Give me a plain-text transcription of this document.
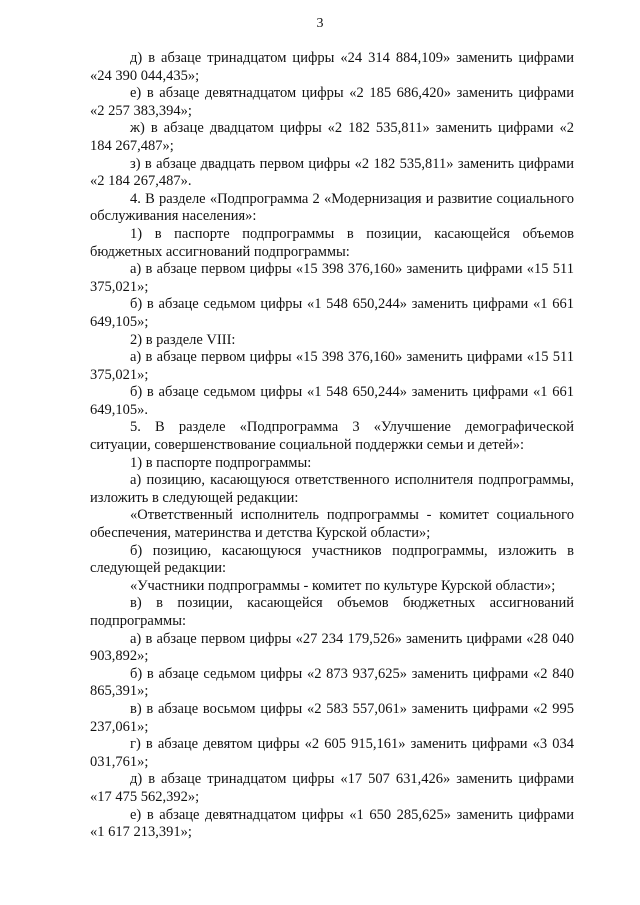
3

д) в абзаце тринадцатом цифры «24 314 884,109» заменить цифрами «24 390 044,435»;

е) в абзаце девятнадцатом цифры «2 185 686,420» заменить цифрами «2 257 383,394»;

ж) в абзаце двадцатом цифры «2 182 535,811» заменить цифрами «2 184 267,487»;

з) в абзаце двадцать первом цифры «2 182 535,811» заменить цифрами «2 184 267,487».

4. В разделе «Подпрограмма 2 «Модернизация и развитие социального обслуживания населения»:

1) в паспорте подпрограммы в позиции, касающейся объемов бюджетных ассигнований подпрограммы:

а) в абзаце первом цифры «15 398 376,160» заменить цифрами «15 511 375,021»;

б) в абзаце седьмом цифры «1 548 650,244» заменить цифрами «1 661 649,105»;

2) в разделе VIII:

а) в абзаце первом цифры «15 398 376,160» заменить цифрами «15 511 375,021»;

б) в абзаце седьмом цифры «1 548 650,244» заменить цифрами «1 661 649,105».

5. В разделе «Подпрограмма 3 «Улучшение демографической ситуации, совершенствование социальной поддержки семьи и детей»:

1) в паспорте подпрограммы:

а) позицию, касающуюся ответственного исполнителя подпрограммы, изложить в следующей редакции:

«Ответственный исполнитель подпрограммы - комитет социального обеспечения, материнства и детства Курской области»;

б) позицию, касающуюся участников подпрограммы, изложить в следующей редакции:

«Участники подпрограммы - комитет по культуре Курской области»;

в) в позиции, касающейся объемов бюджетных ассигнований подпрограммы:

а) в абзаце первом цифры «27 234 179,526» заменить цифрами «28 040 903,892»;

б) в абзаце седьмом цифры «2 873 937,625» заменить цифрами «2 840 865,391»;

в) в абзаце восьмом цифры «2 583 557,061» заменить цифрами «2 995 237,061»;

г) в абзаце девятом цифры «2 605 915,161» заменить цифрами «3 034 031,761»;

д) в абзаце тринадцатом цифры «17 507 631,426» заменить цифрами «17 475 562,392»;

е) в абзаце девятнадцатом цифры «1 650 285,625» заменить цифрами «1 617 213,391»;
